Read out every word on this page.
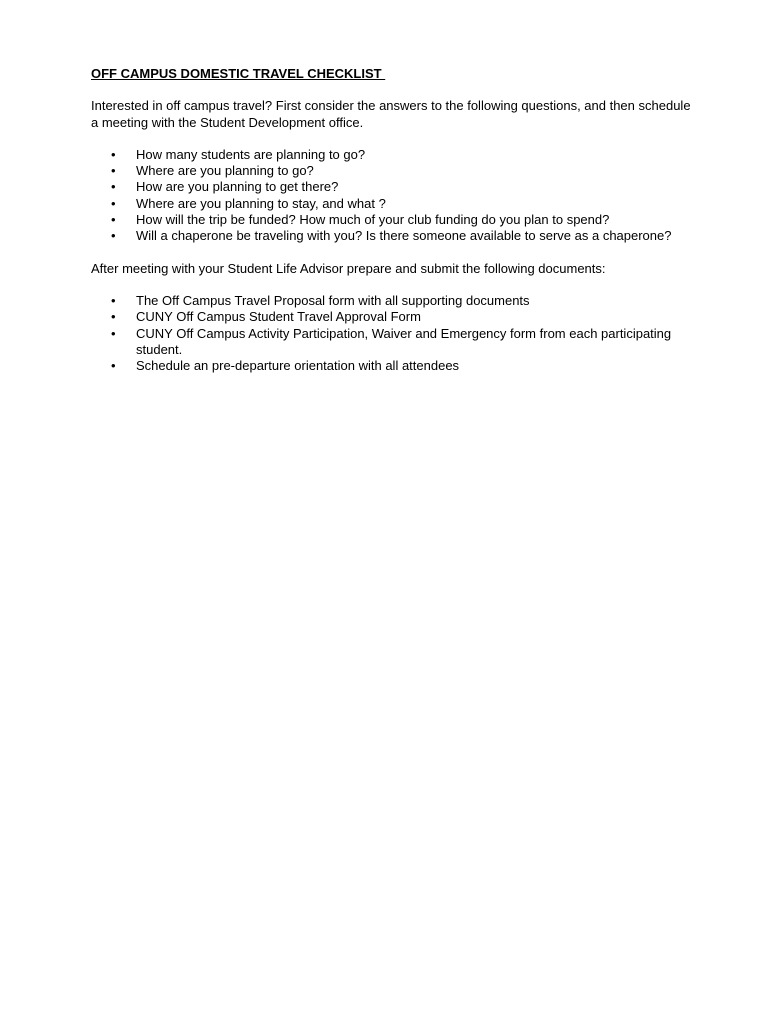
OFF CAMPUS DOMESTIC TRAVEL CHECKLIST

Interested in off campus travel? First consider the answers to the following questions, and then schedule a meeting with the Student Development office.

• How many students are planning to go?
• Where are you planning to go?
• How are you planning to get there?
• Where are you planning to stay, and what ?
• How will the trip be funded? How much of your club funding do you plan to spend?
• Will a chaperone be traveling with you? Is there someone available to serve as a chaperone?

After meeting with your Student Life Advisor prepare and submit the following documents:

• The Off Campus Travel Proposal form with all supporting documents
• CUNY Off Campus Student Travel Approval Form
• CUNY Off Campus Activity Participation, Waiver and Emergency form from each participating student.
• Schedule an pre-departure orientation with all attendees
